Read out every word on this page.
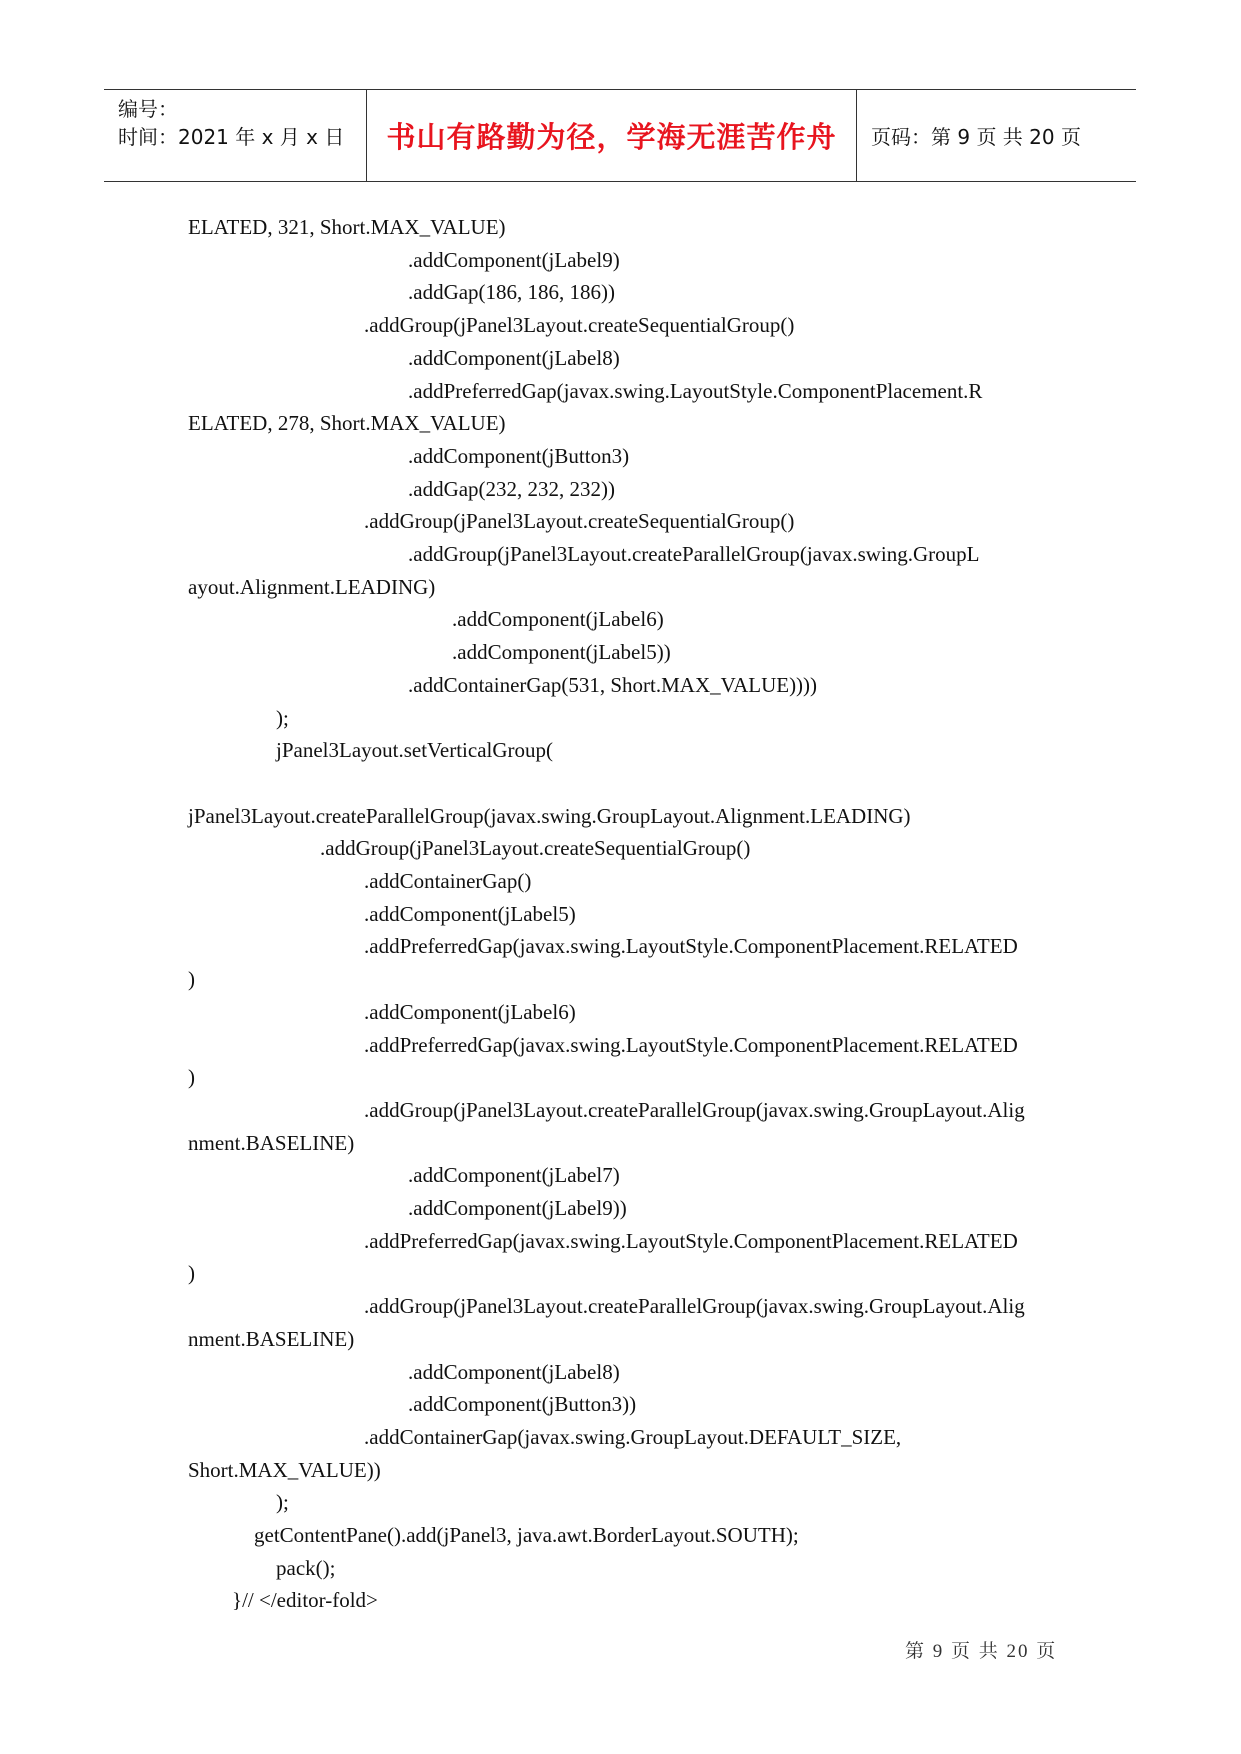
编号：
时间：2021 年 x 月 x 日 书山有路勤为径，学海无涯苦作舟 页码：第 9 页 共 20 页
ELATED, 321, Short.MAX_VALUE)
.addComponent(jLabel9)
.addGap(186, 186, 186))
.addGroup(jPanel3Layout.createSequentialGroup()
.addComponent(jLabel8)
.addPreferredGap(javax.swing.LayoutStyle.ComponentPlacement.R
ELATED, 278, Short.MAX_VALUE)
.addComponent(jButton3)
.addGap(232, 232, 232))
.addGroup(jPanel3Layout.createSequentialGroup()
.addGroup(jPanel3Layout.createParallelGroup(javax.swing.GroupL
ayout.Alignment.LEADING)
.addComponent(jLabel6)
.addComponent(jLabel5))
.addContainerGap(531, Short.MAX_VALUE))))
);
jPanel3Layout.setVerticalGroup(
jPanel3Layout.createParallelGroup(javax.swing.GroupLayout.Alignment.LEADING)
.addGroup(jPanel3Layout.createSequentialGroup()
.addContainerGap()
.addComponent(jLabel5)
.addPreferredGap(javax.swing.LayoutStyle.ComponentPlacement.RELATED
)
.addComponent(jLabel6)
.addPreferredGap(javax.swing.LayoutStyle.ComponentPlacement.RELATED
)
.addGroup(jPanel3Layout.createParallelGroup(javax.swing.GroupLayout.Alig
nment.BASELINE)
.addComponent(jLabel7)
.addComponent(jLabel9))
.addPreferredGap(javax.swing.LayoutStyle.ComponentPlacement.RELATED
)
.addGroup(jPanel3Layout.createParallelGroup(javax.swing.GroupLayout.Alig
nment.BASELINE)
.addComponent(jLabel8)
.addComponent(jButton3))
.addContainerGap(javax.swing.GroupLayout.DEFAULT_SIZE,
Short.MAX_VALUE))
);
getContentPane().add(jPanel3, java.awt.BorderLayout.SOUTH);
pack();
}// </editor-fold>
第 9 页 共 20 页
